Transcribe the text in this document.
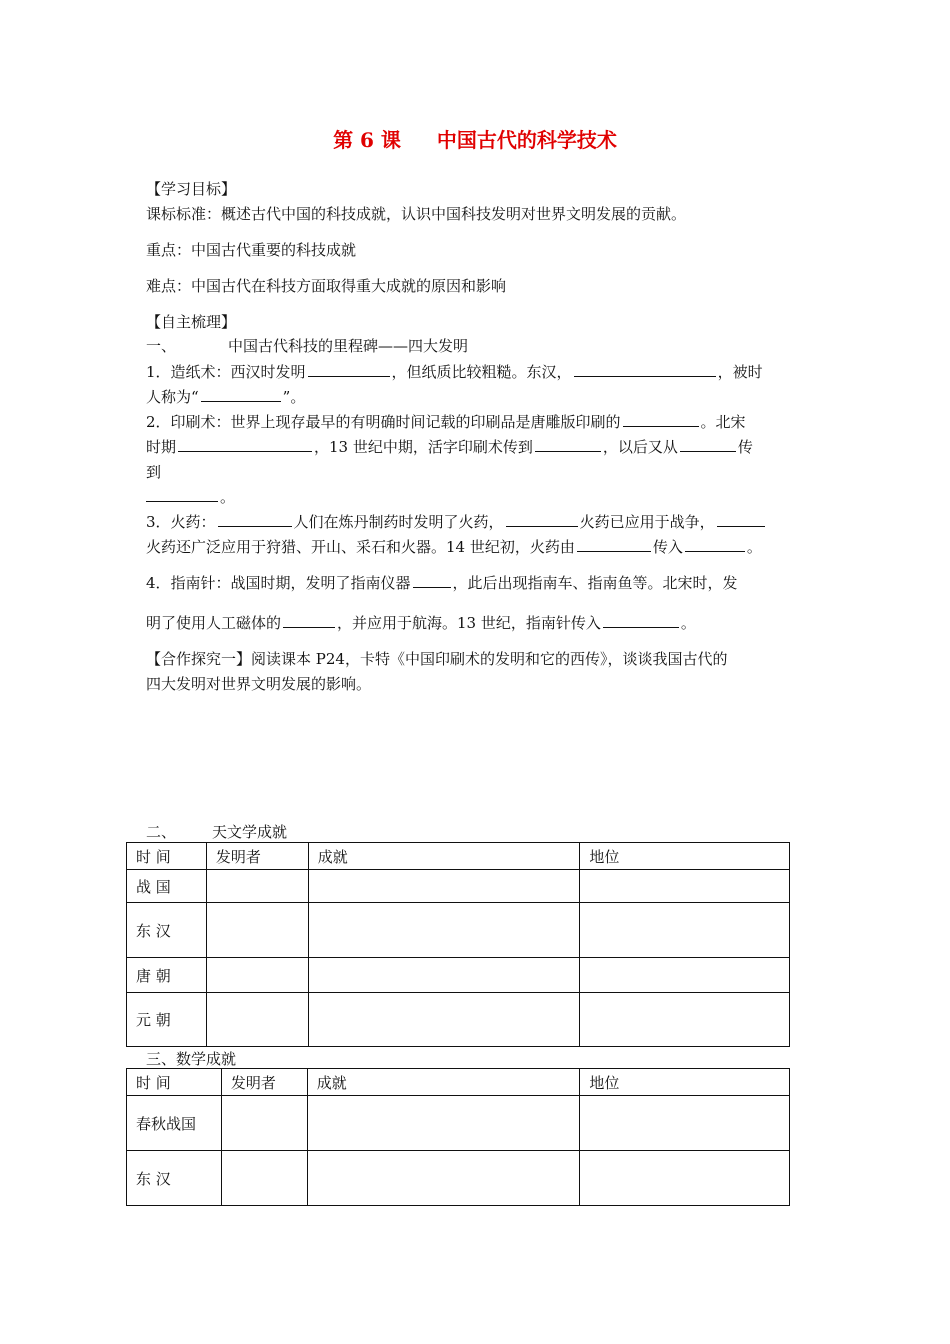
第 6 课 中国古代的科学技术
【学习目标】
课标标准：概述古代中国的科技成就，认识中国科技发明对世界文明发展的贡献。
重点：中国古代重要的科技成就
难点：中国古代在科技方面取得重大成就的原因和影响
【自主梳理】
一、	中国古代科技的里程碑——四大发明
1．造纸术：西汉时发明	，但纸质比较粗糙。东汉，	，被时
人称为“	”。
2．印刷术：世界上现存最早的有明确时间记载的印刷品是唐雕版印刷的	。北宋
时期	，13 世纪中期，活字印刷术传到	，以后又从	传
到
。
3．火药：	人们在炼丹制药时发明了火药，	火药已应用于战争，
火药还广泛应用于狩猎、开山、采石和火器。14 世纪初，火药由	传入	。
4．指南针：战国时期，发明了指南仪器	，此后出现指南车、指南鱼等。北宋时，发
明了使用人工磁体的	，并应用于航海。13 世纪，指南针传入	。
【合作探究一】阅读课本 P24，卡特《中国印刷术的发明和它的西传》，谈谈我国古代的
四大发明对世界文明发展的影响。
二、 天文学成就
时 间	发明者	成就	地位
战 国			
东 汉			
唐 朝			
元 朝			
三、数学成就
时 间	发明者	成就	地位
春秋战国			
东 汉			
